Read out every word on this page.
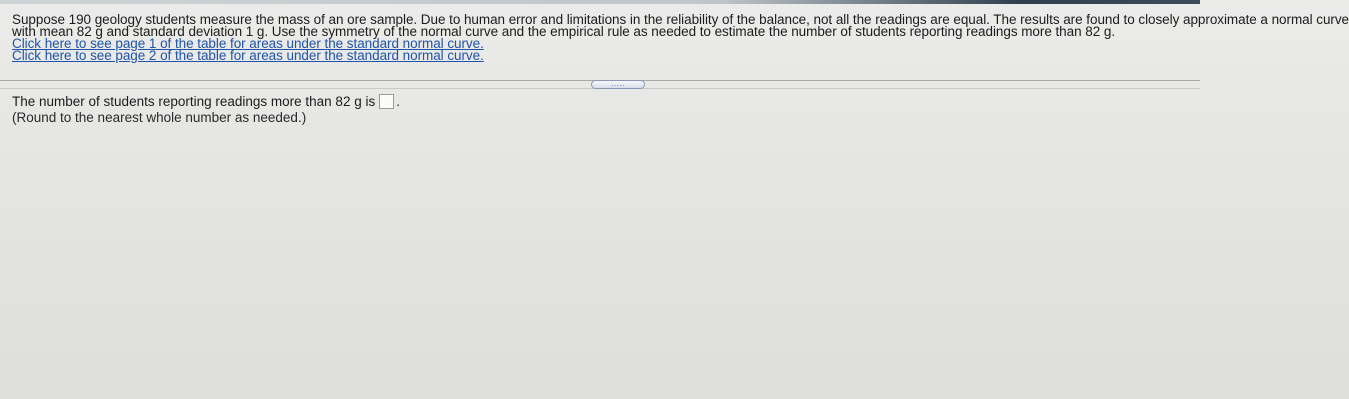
Suppose 190 geology students measure the mass of an ore sample. Due to human error and limitations in the reliability of the balance, not all the readings are equal. The results are found to closely approximate a normal curve
with mean 82 g and standard deviation 1 g. Use the symmetry of the normal curve and the empirical rule as needed to estimate the number of students reporting readings more than 82 g.
Click here to see page 1 of the table for areas under the standard normal curve.
Click here to see page 2 of the table for areas under the standard normal curve.
.....
The number of students reporting readings more than 82 g is .
(Round to the nearest whole number as needed.)
